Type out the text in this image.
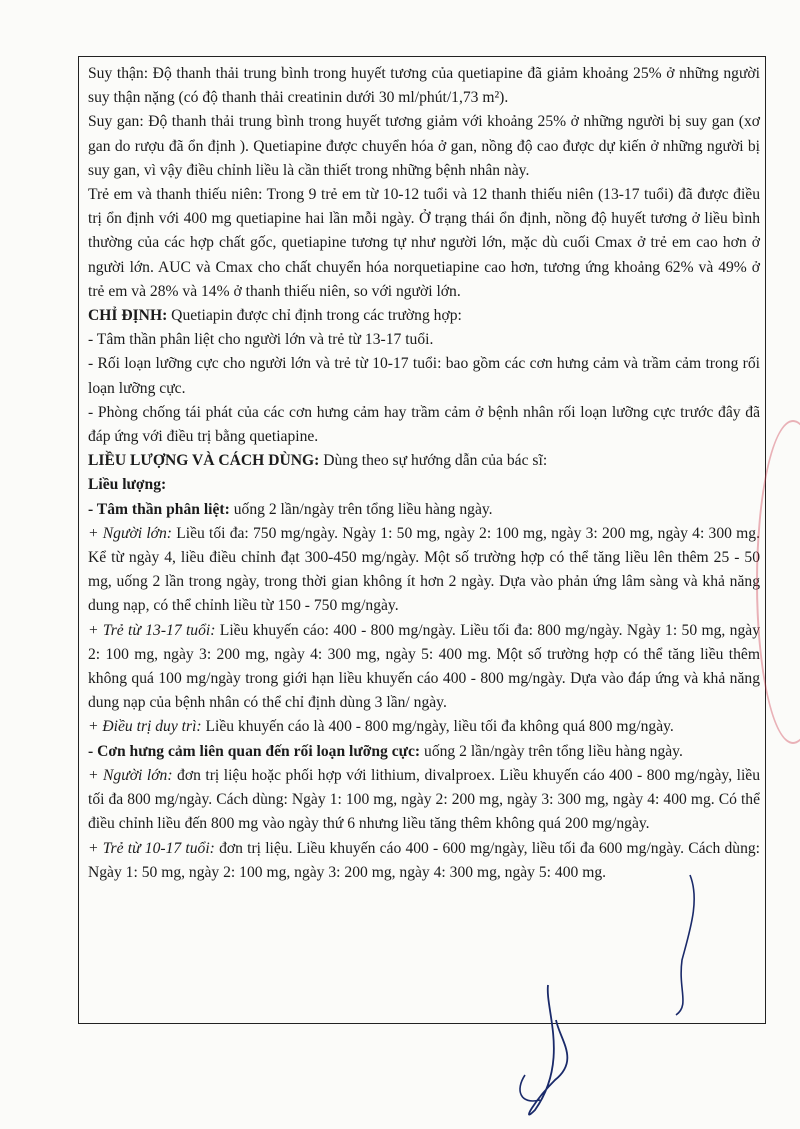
Suy thận: Độ thanh thải trung bình trong huyết tương của quetiapine đã giảm khoảng 25% ở những người suy thận nặng (có độ thanh thải creatinin dưới 30 ml/phút/1,73 m²).

Suy gan: Độ thanh thải trung bình trong huyết tương giảm với khoảng 25% ở những người bị suy gan (xơ gan do rượu đã ổn định ). Quetiapine được chuyển hóa ở gan, nồng độ cao được dự kiến ở những người bị suy gan, vì vậy điều chỉnh liều là cần thiết trong những bệnh nhân này.

Trẻ em và thanh thiếu niên: Trong 9 trẻ em từ 10-12 tuổi và 12 thanh thiếu niên (13-17 tuổi) đã được điều trị ổn định với 400 mg quetiapine hai lần mỗi ngày. Ở trạng thái ổn định, nồng độ huyết tương ở liều bình thường của các hợp chất gốc, quetiapine tương tự như người lớn, mặc dù cuối Cmax ở trẻ em cao hơn ở người lớn. AUC và Cmax cho chất chuyển hóa norquetiapine cao hơn, tương ứng khoảng 62% và 49% ở trẻ em và 28% và 14% ở thanh thiếu niên, so với người lớn.

CHỈ ĐỊNH: Quetiapin được chỉ định trong các trường hợp:

- Tâm thần phân liệt cho người lớn và trẻ từ 13-17 tuổi.

- Rối loạn lưỡng cực cho người lớn và trẻ từ 10-17 tuổi: bao gồm các cơn hưng cảm và trầm cảm trong rối loạn lưỡng cực.

- Phòng chống tái phát của các cơn hưng cảm hay trầm cảm ở bệnh nhân rối loạn lưỡng cực trước đây đã đáp ứng với điều trị bằng quetiapine.

LIỀU LƯỢNG VÀ CÁCH DÙNG: Dùng theo sự hướng dẫn của bác sĩ:

Liều lượng:

- Tâm thần phân liệt: uống 2 lần/ngày trên tổng liều hàng ngày.

+ Người lớn: Liều tối đa: 750 mg/ngày. Ngày 1: 50 mg, ngày 2: 100 mg, ngày 3: 200 mg, ngày 4: 300 mg. Kể từ ngày 4, liều điều chỉnh đạt 300-450 mg/ngày. Một số trường hợp có thể tăng liều lên thêm 25 - 50 mg, uống 2 lần trong ngày, trong thời gian không ít hơn 2 ngày. Dựa vào phản ứng lâm sàng và khả năng dung nạp, có thể chỉnh liều từ 150 - 750 mg/ngày.

+ Trẻ từ 13-17 tuổi: Liều khuyến cáo: 400 - 800 mg/ngày. Liều tối đa: 800 mg/ngày. Ngày 1: 50 mg, ngày 2: 100 mg, ngày 3: 200 mg, ngày 4: 300 mg, ngày 5: 400 mg. Một số trường hợp có thể tăng liều thêm không quá 100 mg/ngày trong giới hạn liều khuyến cáo 400 - 800 mg/ngày. Dựa vào đáp ứng và khả năng dung nạp của bệnh nhân có thể chỉ định dùng 3 lần/ ngày.

+ Điều trị duy trì: Liều khuyến cáo là 400 - 800 mg/ngày, liều tối đa không quá 800 mg/ngày.

- Cơn hưng cảm liên quan đến rối loạn lưỡng cực: uống 2 lần/ngày trên tổng liều hàng ngày.

+ Người lớn: đơn trị liệu hoặc phối hợp với lithium, divalproex. Liều khuyến cáo 400 - 800 mg/ngày, liều tối đa 800 mg/ngày. Cách dùng: Ngày 1: 100 mg, ngày 2: 200 mg, ngày 3: 300 mg, ngày 4: 400 mg. Có thể điều chỉnh liều đến 800 mg vào ngày thứ 6 nhưng liều tăng thêm không quá 200 mg/ngày.

+ Trẻ từ 10-17 tuổi: đơn trị liệu. Liều khuyến cáo 400 - 600 mg/ngày, liều tối đa 600 mg/ngày. Cách dùng: Ngày 1: 50 mg, ngày 2: 100 mg, ngày 3: 200 mg, ngày 4: 300 mg, ngày 5: 400 mg.
